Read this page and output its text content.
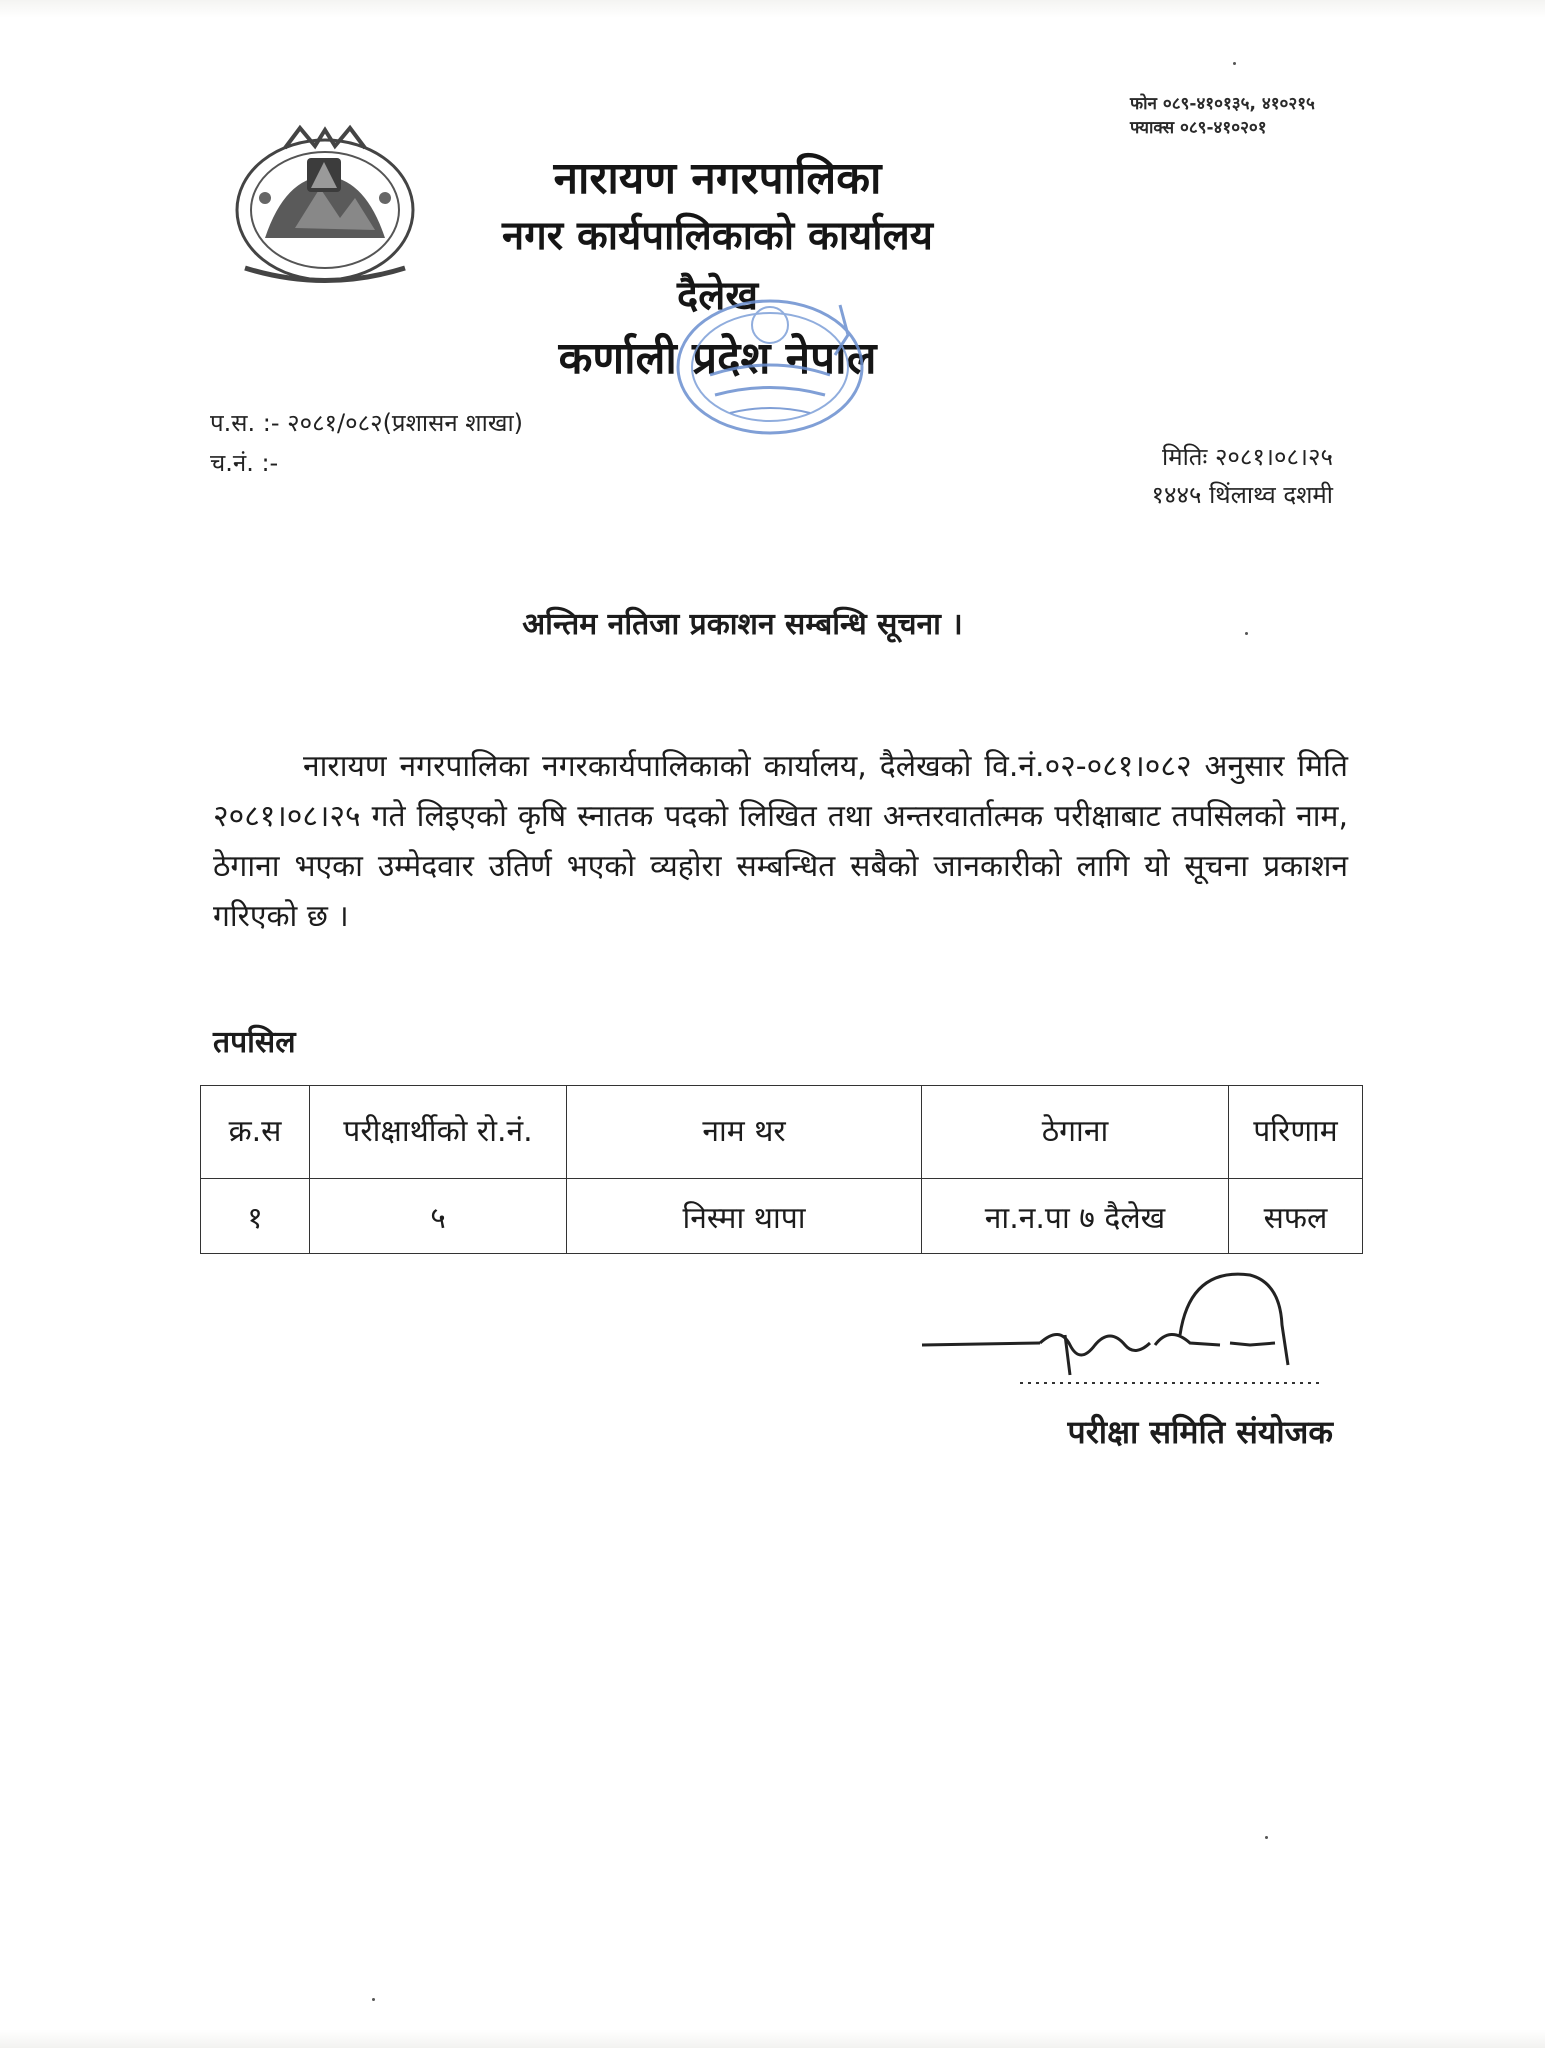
फोन ०८९-४१०१३५, ४१०२१५
फ्याक्स ०८९-४१०२०१
नारायण नगरपालिका
नगर कार्यपालिकाको कार्यालय
दैलेख
कर्णाली प्रदेश नेपाल
प.स. :- २०८१/०८२(प्रशासन शाखा)
च.नं. :-	मितिः २०८१।०८।२५
१४४५ थिंलाथ्व दशमी
अन्तिम नतिजा प्रकाशन सम्बन्धि सूचना ।
नारायण नगरपालिका नगरकार्यपालिकाको कार्यालय, दैलेखको वि.नं.०२-०८१।०८२ अनुसार मिति २०८१।०८।२५ गते लिइएको कृषि स्नातक पदको लिखित तथा अन्तरवार्तात्मक परीक्षाबाट तपसिलको नाम, ठेगाना भएका उम्मेदवार उतिर्ण भएको व्यहोरा सम्बन्धित सबैको जानकारीको लागि यो सूचना प्रकाशन गरिएको छ ।
तपसिल
क्र.स	परीक्षार्थीको रो.नं.	नाम थर	ठेगाना	परिणाम
१	५	निस्मा थापा	ना.न.पा ७ दैलेख	सफल
परीक्षा समिति संयोजक
